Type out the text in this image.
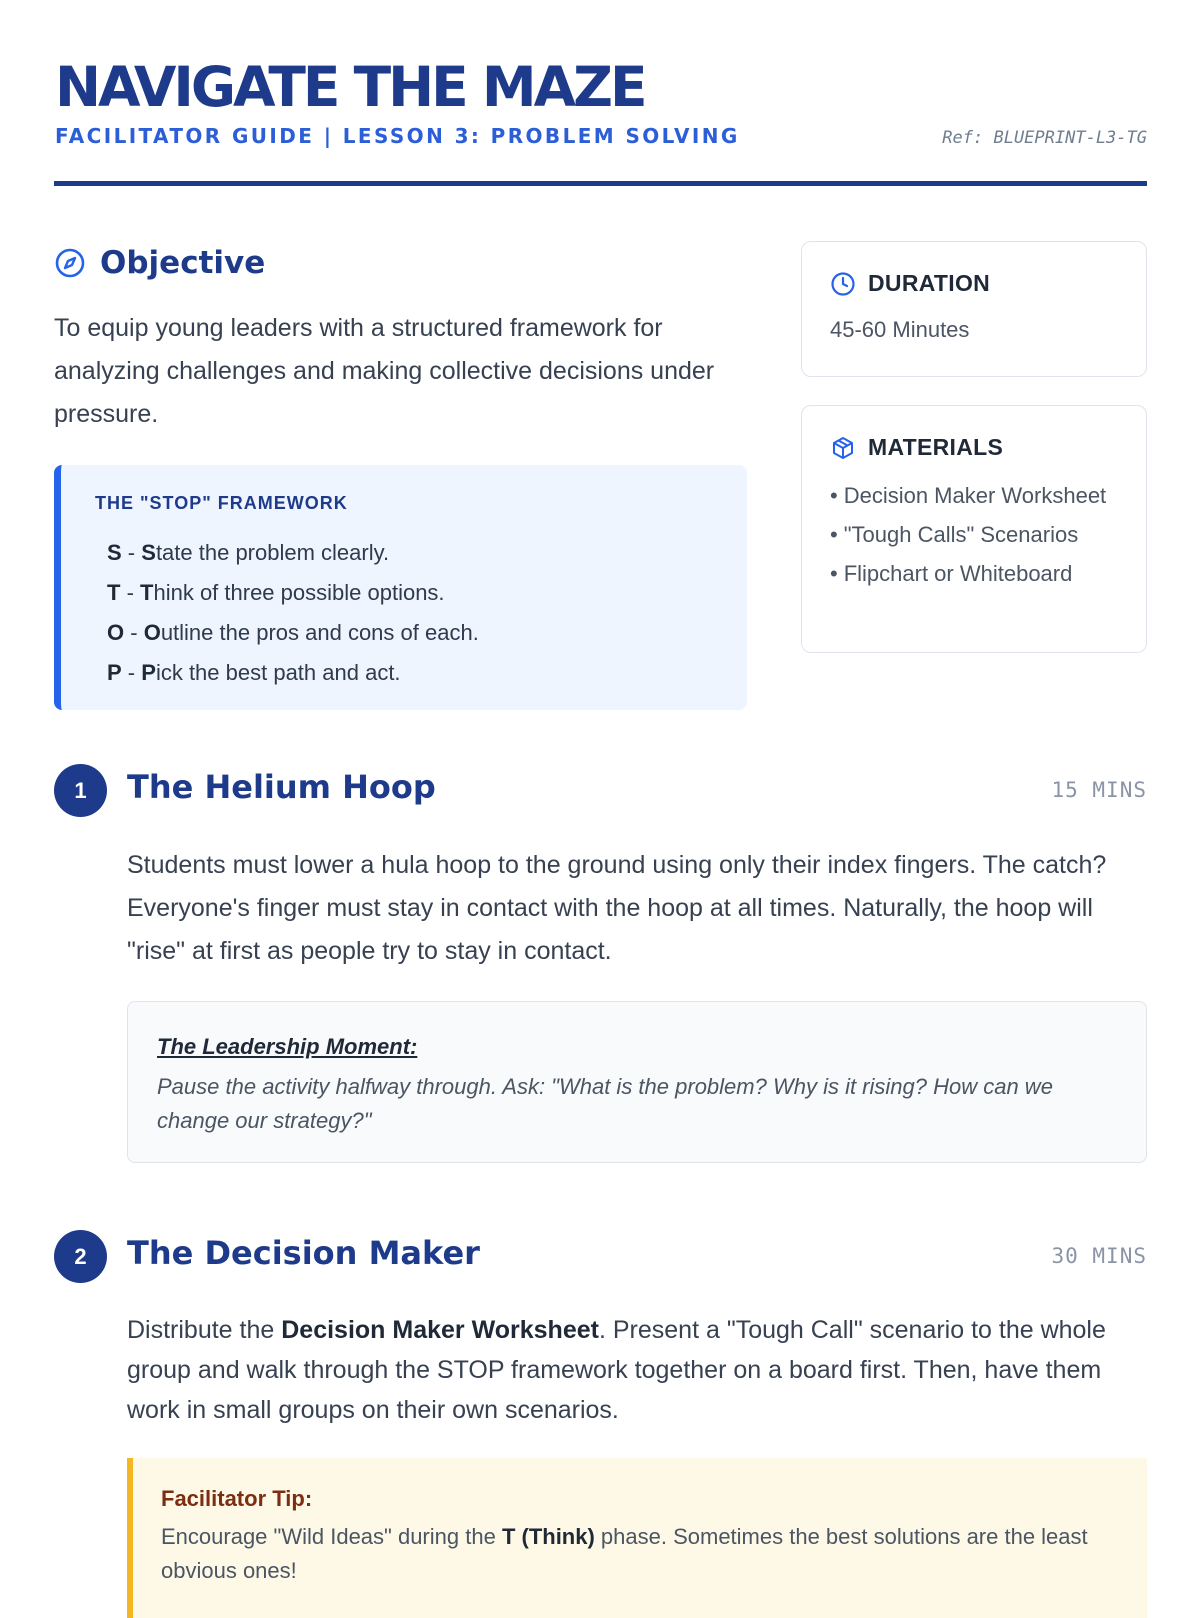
NAVIGATE THE MAZE
FACILITATOR GUIDE | LESSON 3: PROBLEM SOLVING	Ref: BLUEPRINT-L3-TG
Objective
To equip young leaders with a structured framework for analyzing challenges and making collective decisions under pressure.
THE "STOP" FRAMEWORK
S - State the problem clearly.
T - Think of three possible options.
O - Outline the pros and cons of each.
P - Pick the best path and act.
DURATION
45-60 Minutes
MATERIALS
• Decision Maker Worksheet
• "Tough Calls" Scenarios
• Flipchart or Whiteboard
1	The Helium Hoop	15 MINS
Students must lower a hula hoop to the ground using only their index fingers. The catch? Everyone's finger must stay in contact with the hoop at all times. Naturally, the hoop will "rise" at first as people try to stay in contact.
The Leadership Moment:
Pause the activity halfway through. Ask: "What is the problem? Why is it rising? How can we change our strategy?"
2	The Decision Maker	30 MINS
Distribute the Decision Maker Worksheet. Present a "Tough Call" scenario to the whole group and walk through the STOP framework together on a board first. Then, have them work in small groups on their own scenarios.
Facilitator Tip:
Encourage "Wild Ideas" during the T (Think) phase. Sometimes the best solutions are the least obvious ones!
